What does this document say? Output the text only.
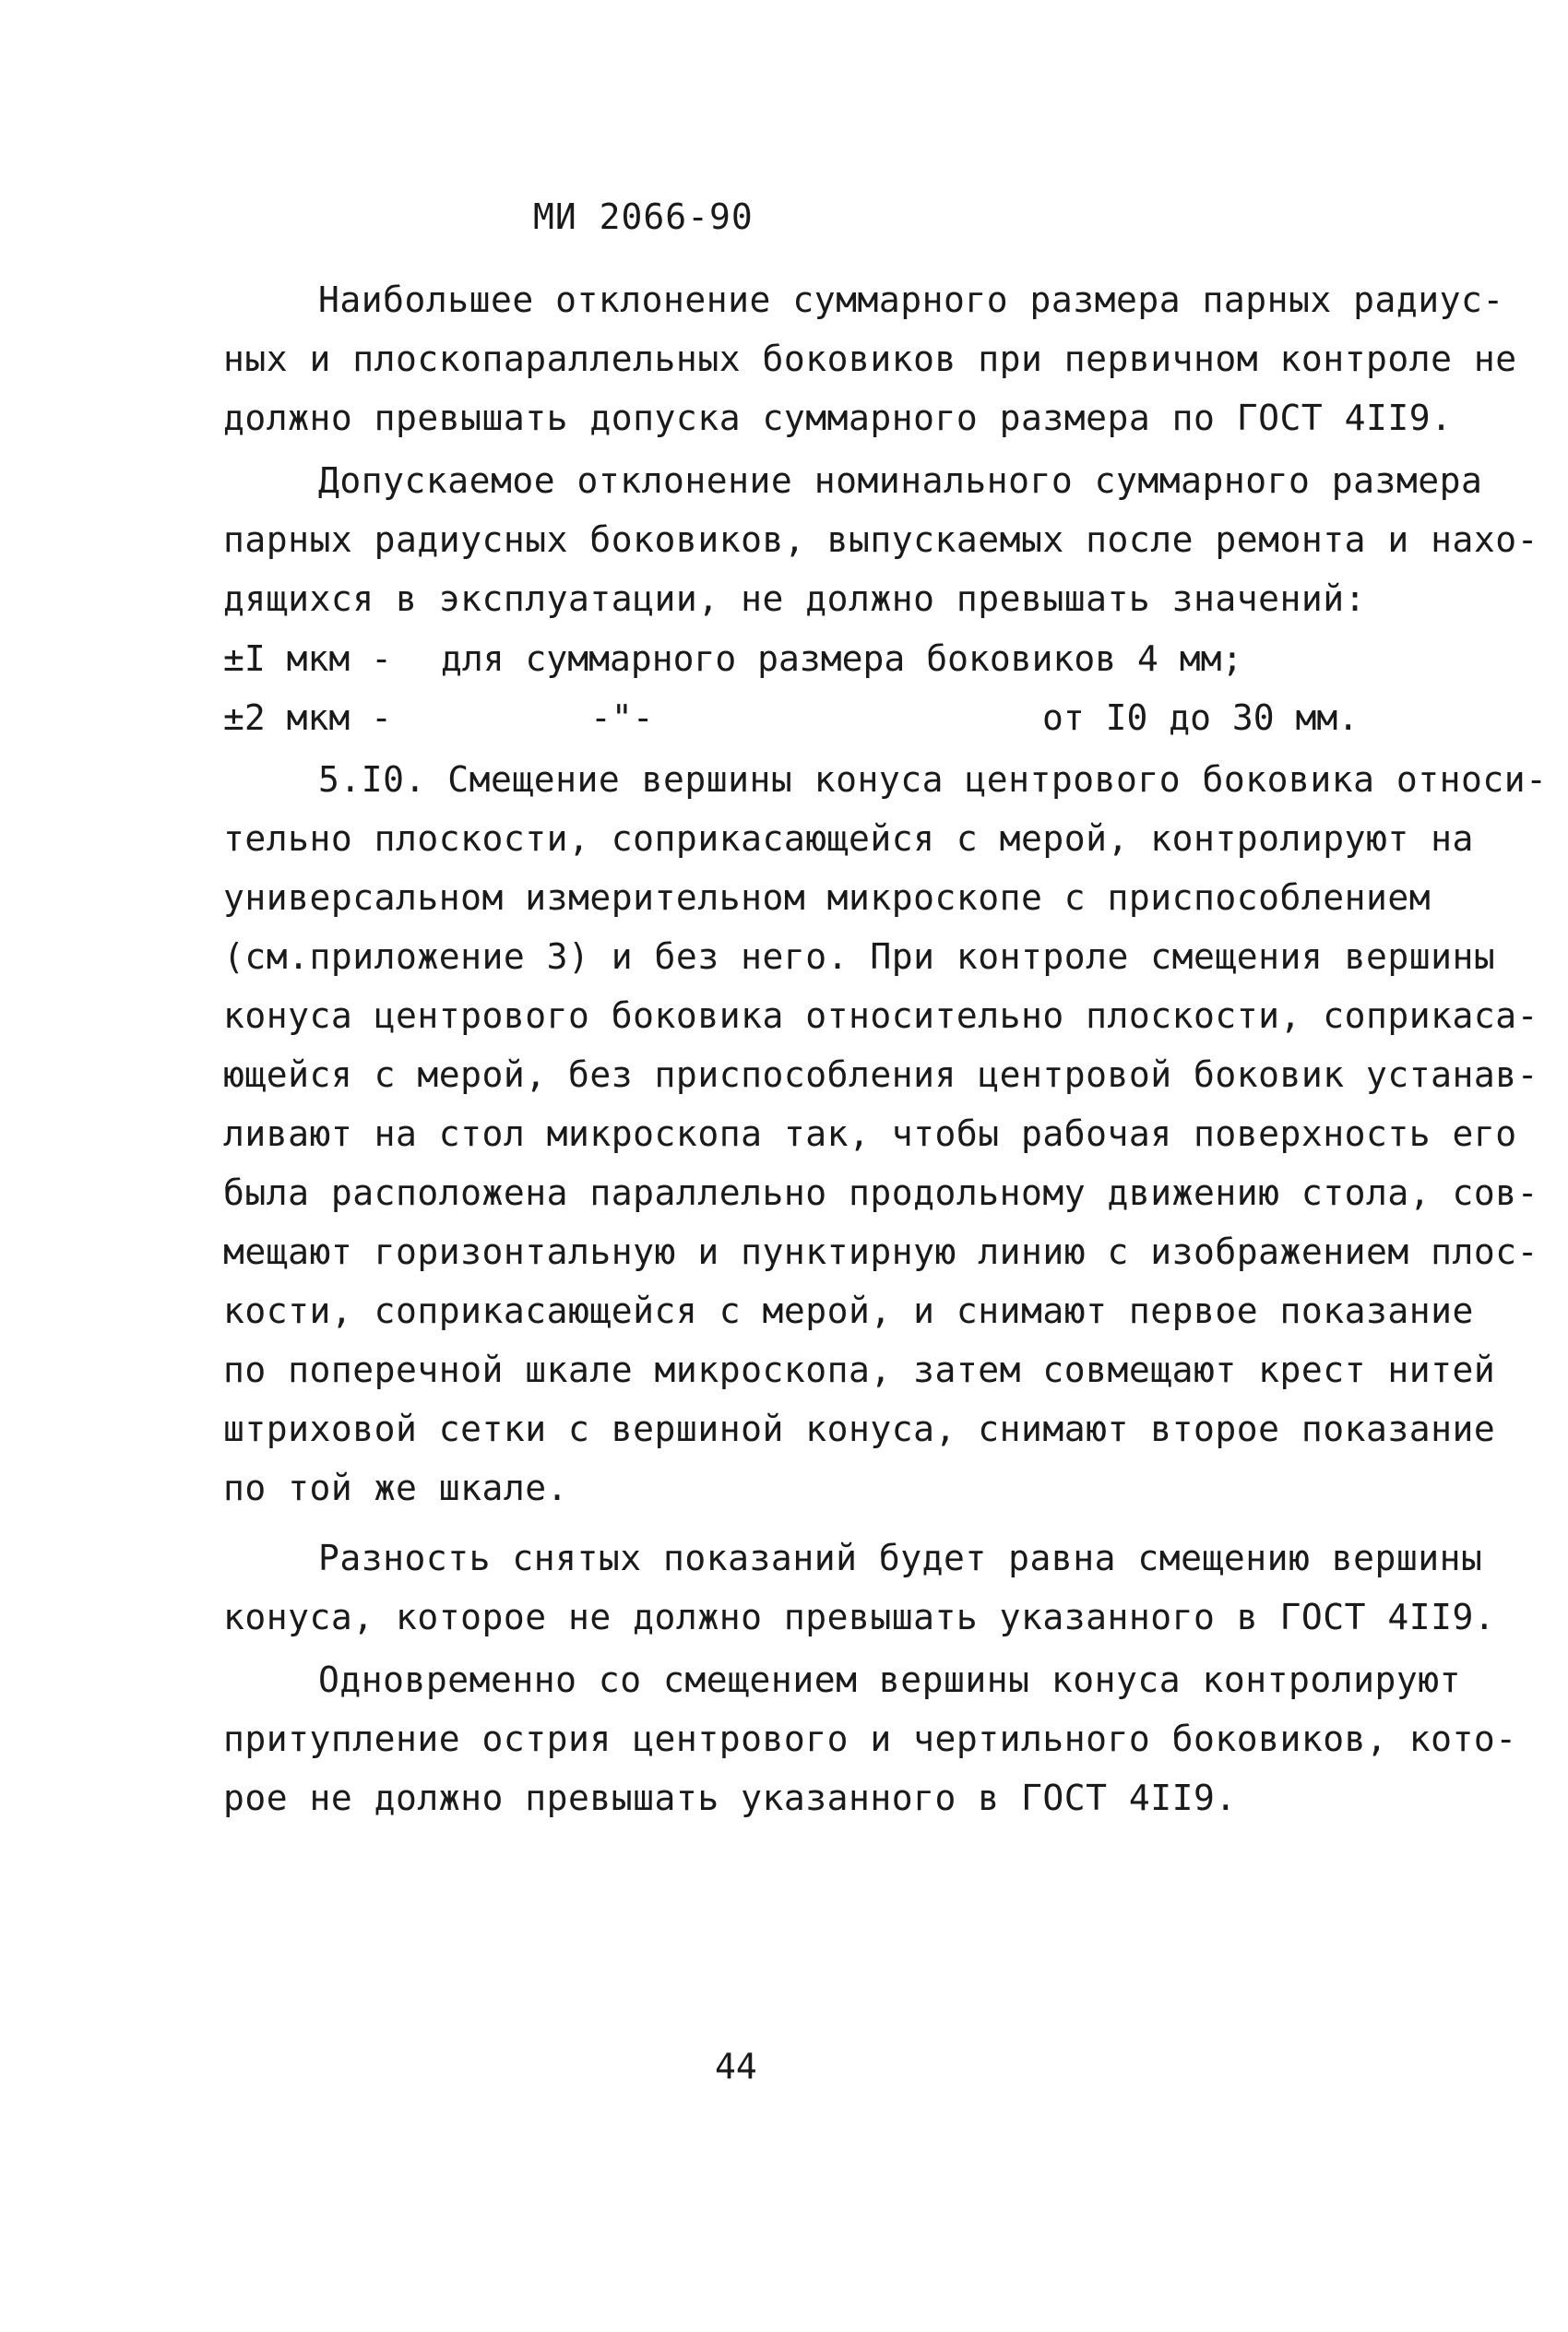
МИ 2066-90
Наибольшее отклонение суммарного размера парных радиус-
ных и плоскопараллельных боковиков при первичном контроле не
должно превышать допуска суммарного размера по ГОСТ 4II9.
Допускаемое отклонение номинального суммарного размера
парных радиусных боковиков, выпускаемых после ремонта и нахо-
дящихся в эксплуатации, не должно превышать значений:
±I мкм - для суммарного размера боковиков 4 мм;
±2 мкм -	-"-	от I0 до 30 мм.
5.I0. Смещение вершины конуса центрового боковика относи-
тельно плоскости, соприкасающейся с мерой, контролируют на
универсальном измерительном микроскопе с приспособлением
(см.приложение 3) и без него. При контроле смещения вершины
конуса центрового боковика относительно плоскости, соприкаса-
ющейся с мерой, без приспособления центровой боковик устанав-
ливают на стол микроскопа так, чтобы рабочая поверхность его
была расположена параллельно продольному движению стола, сов-
мещают горизонтальную и пунктирную линию с изображением плос-
кости, соприкасающейся с мерой, и снимают первое показание
по поперечной шкале микроскопа, затем совмещают крест нитей
штриховой сетки с вершиной конуса, снимают второе показание
по той же шкале.
Разность снятых показаний будет равна смещению вершины
конуса, которое не должно превышать указанного в ГОСТ 4II9.
Одновременно со смещением вершины конуса контролируют
притупление острия центрового и чертильного боковиков, кото-
рое не должно превышать указанного в ГОСТ 4II9.
44
